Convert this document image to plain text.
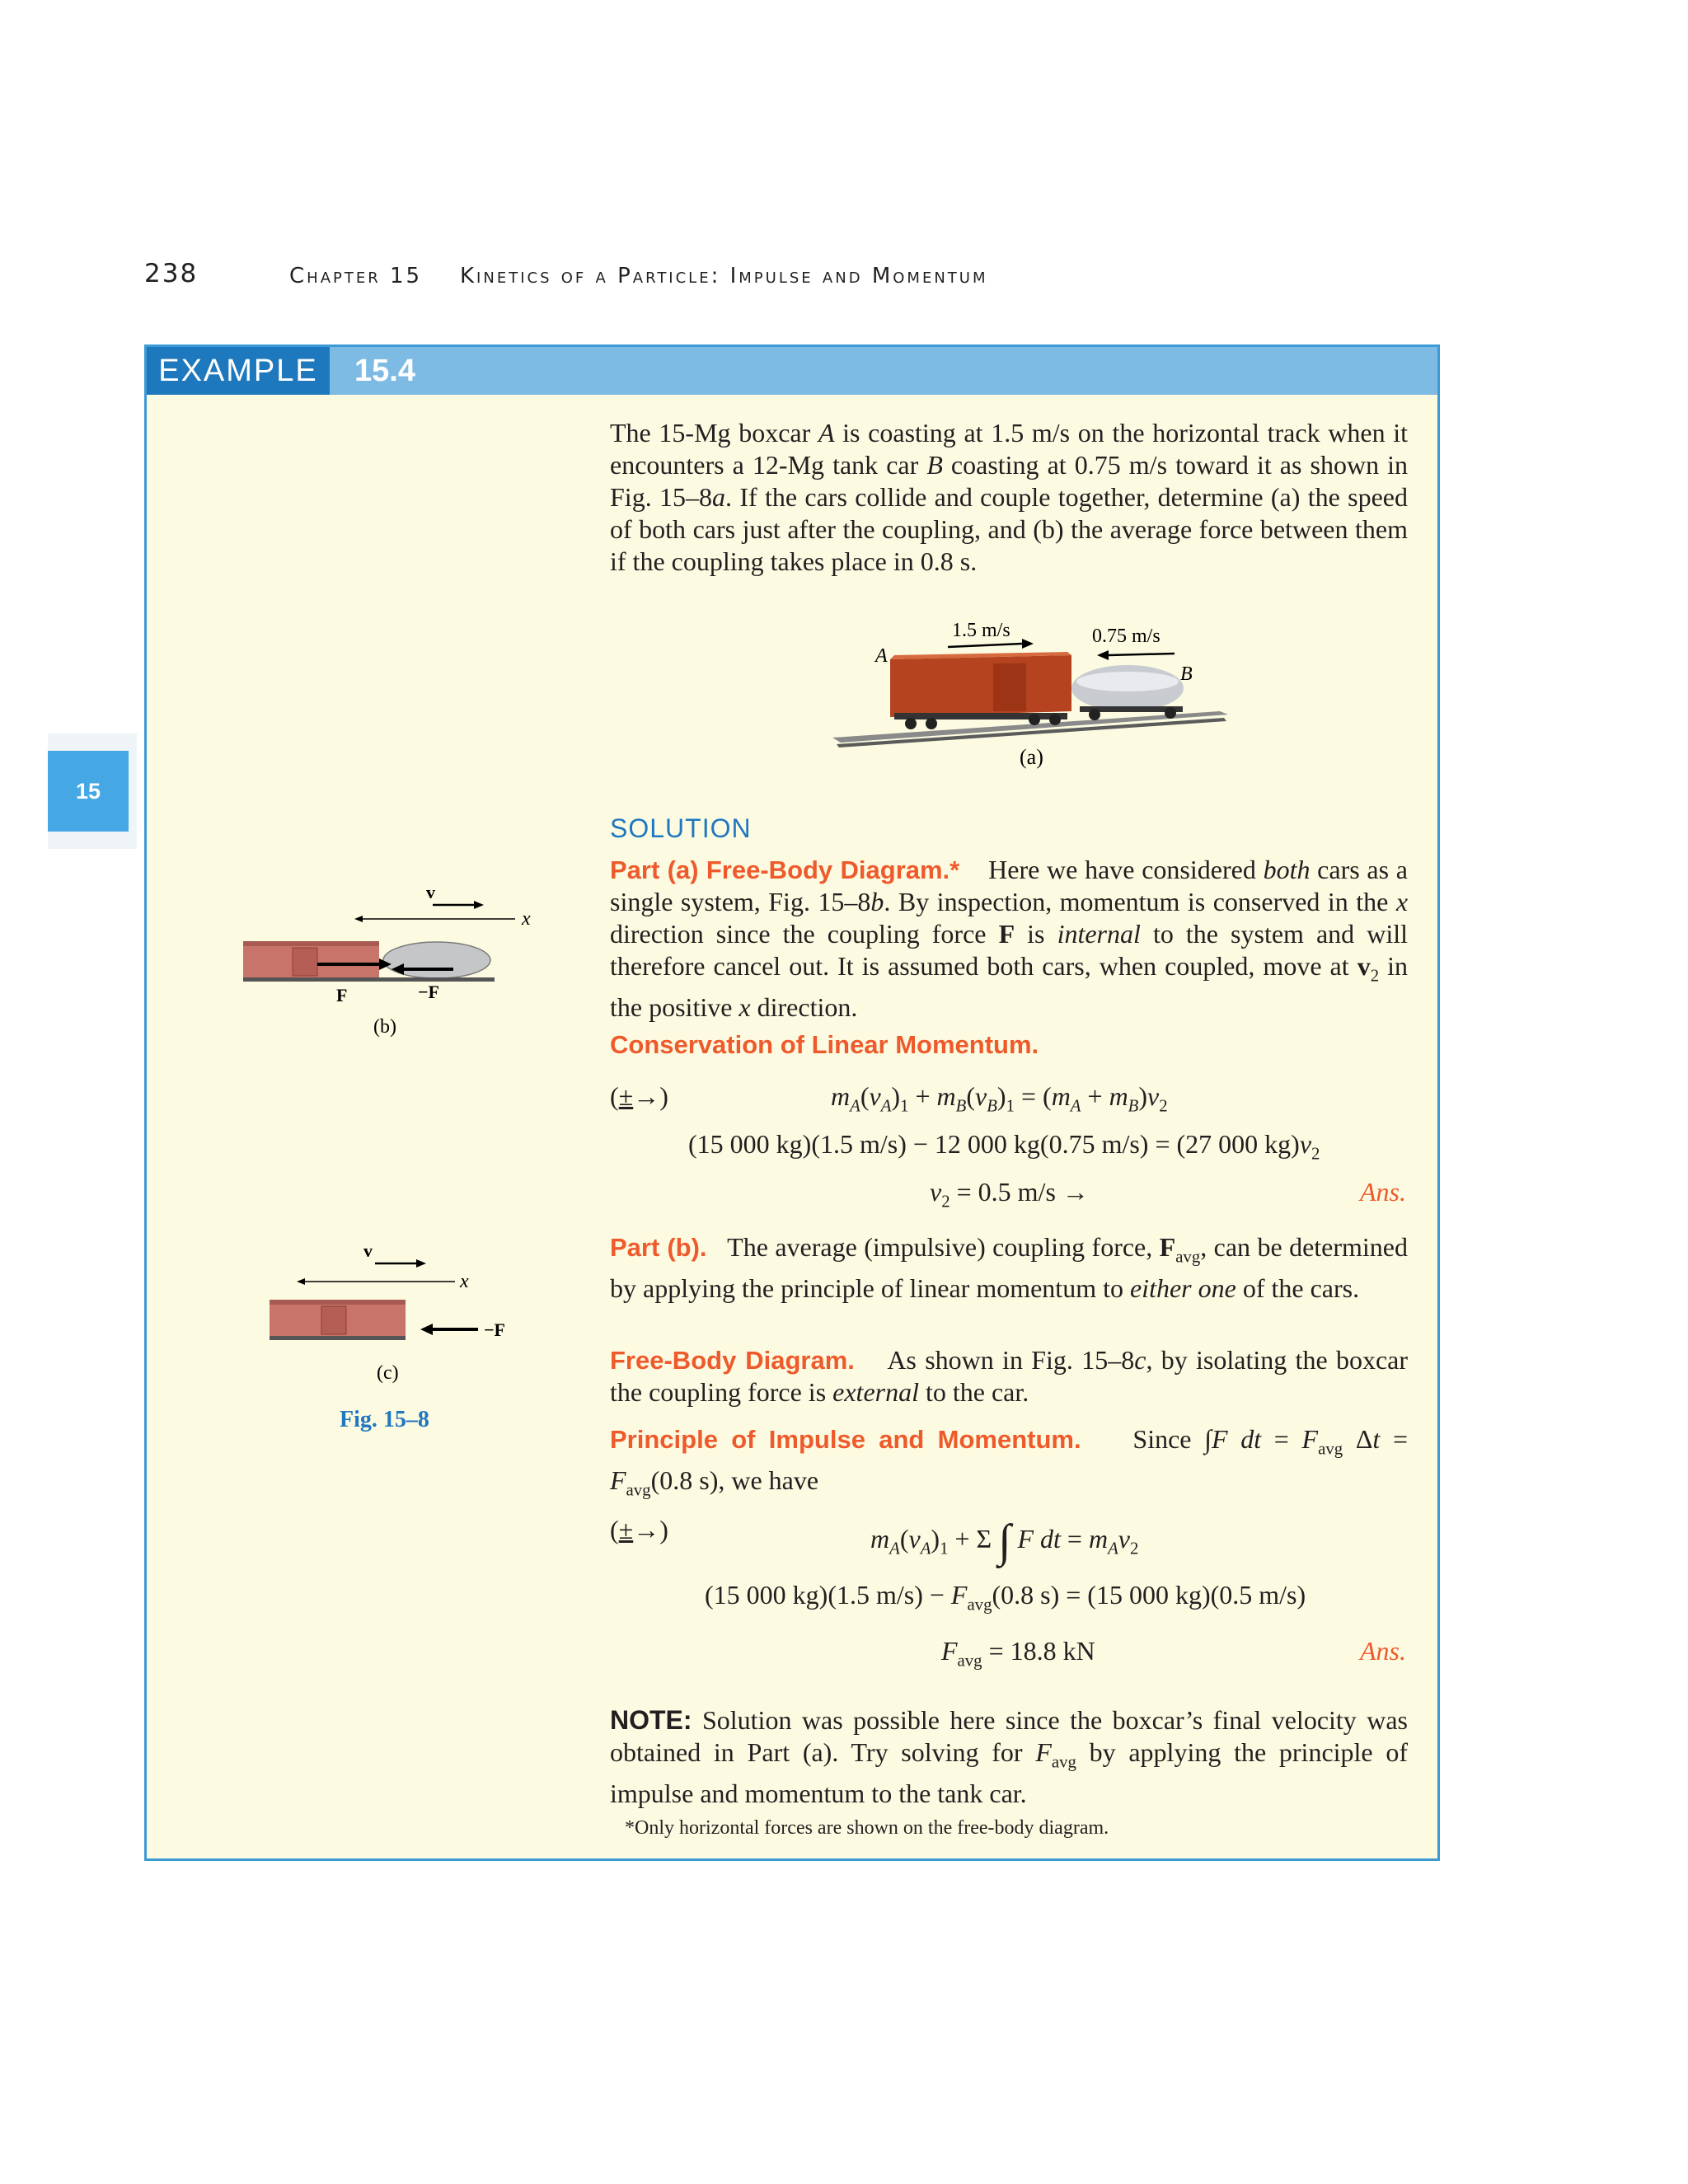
238	Chapter 15 Kinetics of a Particle: Impulse and Momentum
15
EXAMPLE	15.4
The 15-Mg boxcar A is coasting at 1.5 m/s on the horizontal track when it encounters a 12-Mg tank car B coasting at 0.75 m/s toward it as shown in Fig. 15–8a. If the cars collide and couple together, determine (a) the speed of both cars just after the coupling, and (b) the average force between them if the coupling takes place in 0.8 s.
1.5 m/s	0.75 m/s
A
B
(a)
v
x
F	−F
(b)
v
x
−F
(c)
Fig. 15–8
SOLUTION
Part (a) Free-Body Diagram.*    Here we have considered both cars as a single system, Fig. 15–8b. By inspection, momentum is conserved in the x direction since the coupling force F is internal to the system and will therefore cancel out. It is assumed both cars, when coupled, move at $v_2$ in the positive x direction.
Conservation of Linear Momentum.
(±→)	$m_A(v_A)_1 + m_B(v_B)_1 = (m_A + m_B)v_2$
(15 000 kg)(1.5 m/s) − 12 000 kg(0.75 m/s) = (27 000 $kg)v_2$
$v_2 = 0.5$ m/s →	Ans.
Part (b).   The average (impulsive) coupling force, $F_{avg}$, can be determined by applying the principle of linear momentum to either one of the cars.
Free-Body Diagram.    As shown in Fig. 15–8c, by isolating the boxcar the coupling force is external to the car.
Principle of Impulse and Momentum.    Since ∫F dt = $F_{avg}$ $\Delta t = F_{avg}(0.8$ s), we have
(±→)	$m_A(v_A)_1 + \Sigma$ ∫ F dt = $m_Av_2$
(15 000 kg)(1.5 $m/s) - F_{avg}(0.8$ s) = (15 000 kg)(0.5 m/s)
$F_{avg} = 18.8$ kN	Ans.
NOTE: Solution was possible here since the boxcar’s final velocity was obtained in Part (a). Try solving for $F_{avg}$ by applying the principle of impulse and momentum to the tank car.
*Only horizontal forces are shown on the free-body diagram.
